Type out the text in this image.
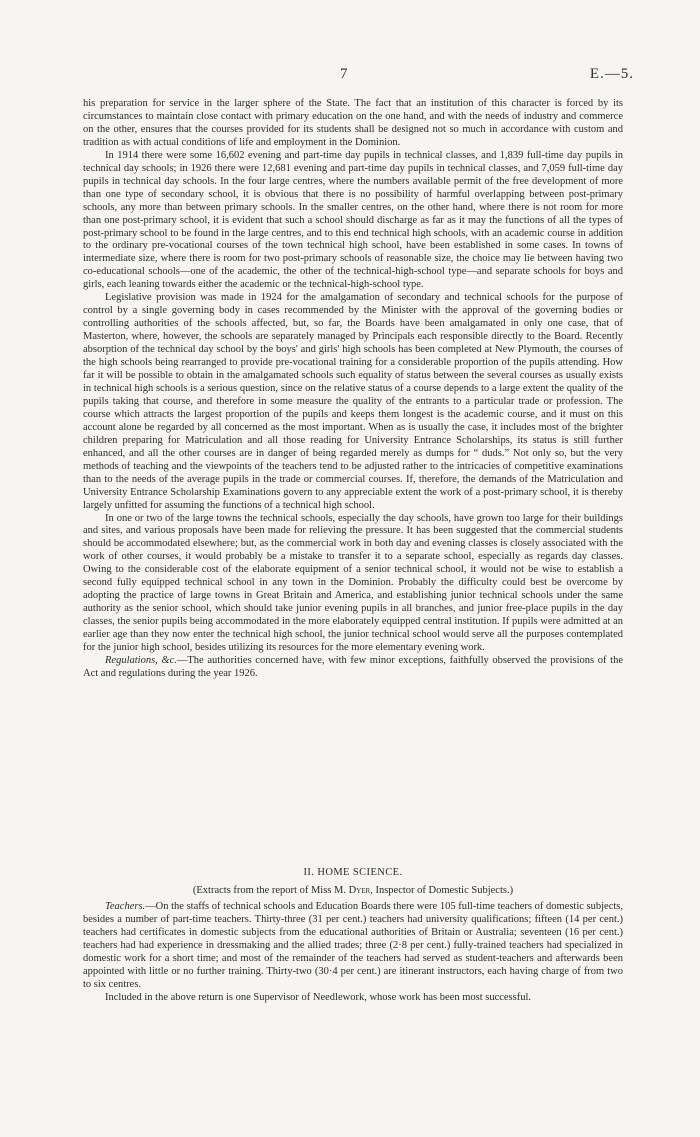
7	E.—5.

his preparation for service in the larger sphere of the State. The fact that an institution of this character is forced by its circumstances to maintain close contact with primary education on the one hand, and with the needs of industry and commerce on the other, ensures that the courses provided for its students shall be designed not so much in accordance with custom and tradition as with actual conditions of life and employment in the Dominion.

In 1914 there were some 16,602 evening and part-time day pupils in technical classes, and 1,839 full-time day pupils in technical day schools; in 1926 there were 12,681 evening and part-time day pupils in technical classes, and 7,059 full-time day pupils in technical day schools. In the four large centres, where the numbers available permit of the free development of more than one type of secondary school, it is obvious that there is no possibility of harmful overlapping between post-primary schools, any more than between primary schools. In the smaller centres, on the other hand, where there is not room for more than one post-primary school, it is evident that such a school should discharge as far as it may the functions of all the types of post-primary school to be found in the large centres, and to this end technical high schools, with an academic course in addition to the ordinary pre-vocational courses of the town technical high school, have been established in some cases. In towns of intermediate size, where there is room for two post-primary schools of reasonable size, the choice may lie between having two co-educational schools—one of the academic, the other of the technical-high-school type—and separate schools for boys and girls, each leaning towards either the academic or the technical-high-school type.

Legislative provision was made in 1924 for the amalgamation of secondary and technical schools for the purpose of control by a single governing body in cases recommended by the Minister with the approval of the governing bodies or controlling authorities of the schools affected, but, so far, the Boards have been amalgamated in only one case, that of Masterton, where, however, the schools are separately managed by Principals each responsible directly to the Board. Recently absorption of the technical day school by the boys' and girls' high schools has been completed at New Plymouth, the courses of the high schools being rearranged to provide pre-vocational training for a considerable proportion of the pupils attending. How far it will be possible to obtain in the amalgamated schools such equality of status between the several courses as usually exists in technical high schools is a serious question, since on the relative status of a course depends to a large extent the quality of the pupils taking that course, and therefore in some measure the quality of the entrants to a particular trade or profession. The course which attracts the largest proportion of the pupils and keeps them longest is the academic course, and it must on this account alone be regarded by all concerned as the most important. When as is usually the case, it includes most of the brighter children preparing for Matriculation and all those reading for University Entrance Scholarships, its status is still further enhanced, and all the other courses are in danger of being regarded merely as dumps for “ duds.” Not only so, but the very methods of teaching and the viewpoints of the teachers tend to be adjusted rather to the intricacies of competitive examinations than to the needs of the average pupils in the trade or commercial courses. If, therefore, the demands of the Matriculation and University Entrance Scholarship Examinations govern to any appreciable extent the work of a post-primary school, it is thereby largely unfitted for assuming the functions of a technical high school.

In one or two of the large towns the technical schools, especially the day schools, have grown too large for their buildings and sites, and various proposals have been made for relieving the pressure. It has been suggested that the commercial students should be accommodated elsewhere; but, as the commercial work in both day and evening classes is closely associated with the work of other courses, it would probably be a mistake to transfer it to a separate school, especially as regards day classes. Owing to the considerable cost of the elaborate equipment of a senior technical school, it would not be wise to establish a second fully equipped technical school in any town in the Dominion. Probably the difficulty could best be overcome by adopting the practice of large towns in Great Britain and America, and establishing junior technical schools under the same authority as the senior school, which should take junior evening pupils in all branches, and junior free-place pupils in the day classes, the senior pupils being accommodated in the more elaborately equipped central institution. If pupils were admitted at an earlier age than they now enter the technical high school, the junior technical school would serve all the purposes contemplated for the junior high school, besides utilizing its resources for the more elementary evening work.

Regulations, &c.—The authorities concerned have, with few minor exceptions, faithfully observed the provisions of the Act and regulations during the year 1926.

II. HOME SCIENCE.
(Extracts from the report of Miss M. Dyer, Inspector of Domestic Subjects.)

Teachers.—On the staffs of technical schools and Education Boards there were 105 full-time teachers of domestic subjects, besides a number of part-time teachers. Thirty-three (31 per cent.) teachers had university qualifications; fifteen (14 per cent.) teachers had certificates in domestic subjects from the educational authorities of Britain or Australia; seventeen (16 per cent.) teachers had had experience in dressmaking and the allied trades; three (2·8 per cent.) fully-trained teachers had specialized in domestic work for a short time; and most of the remainder of the teachers had served as student-teachers and afterwards been appointed with little or no further training. Thirty-two (30·4 per cent.) are itinerant instructors, each having charge of from two to six centres.

Included in the above return is one Supervisor of Needlework, whose work has been most successful.
